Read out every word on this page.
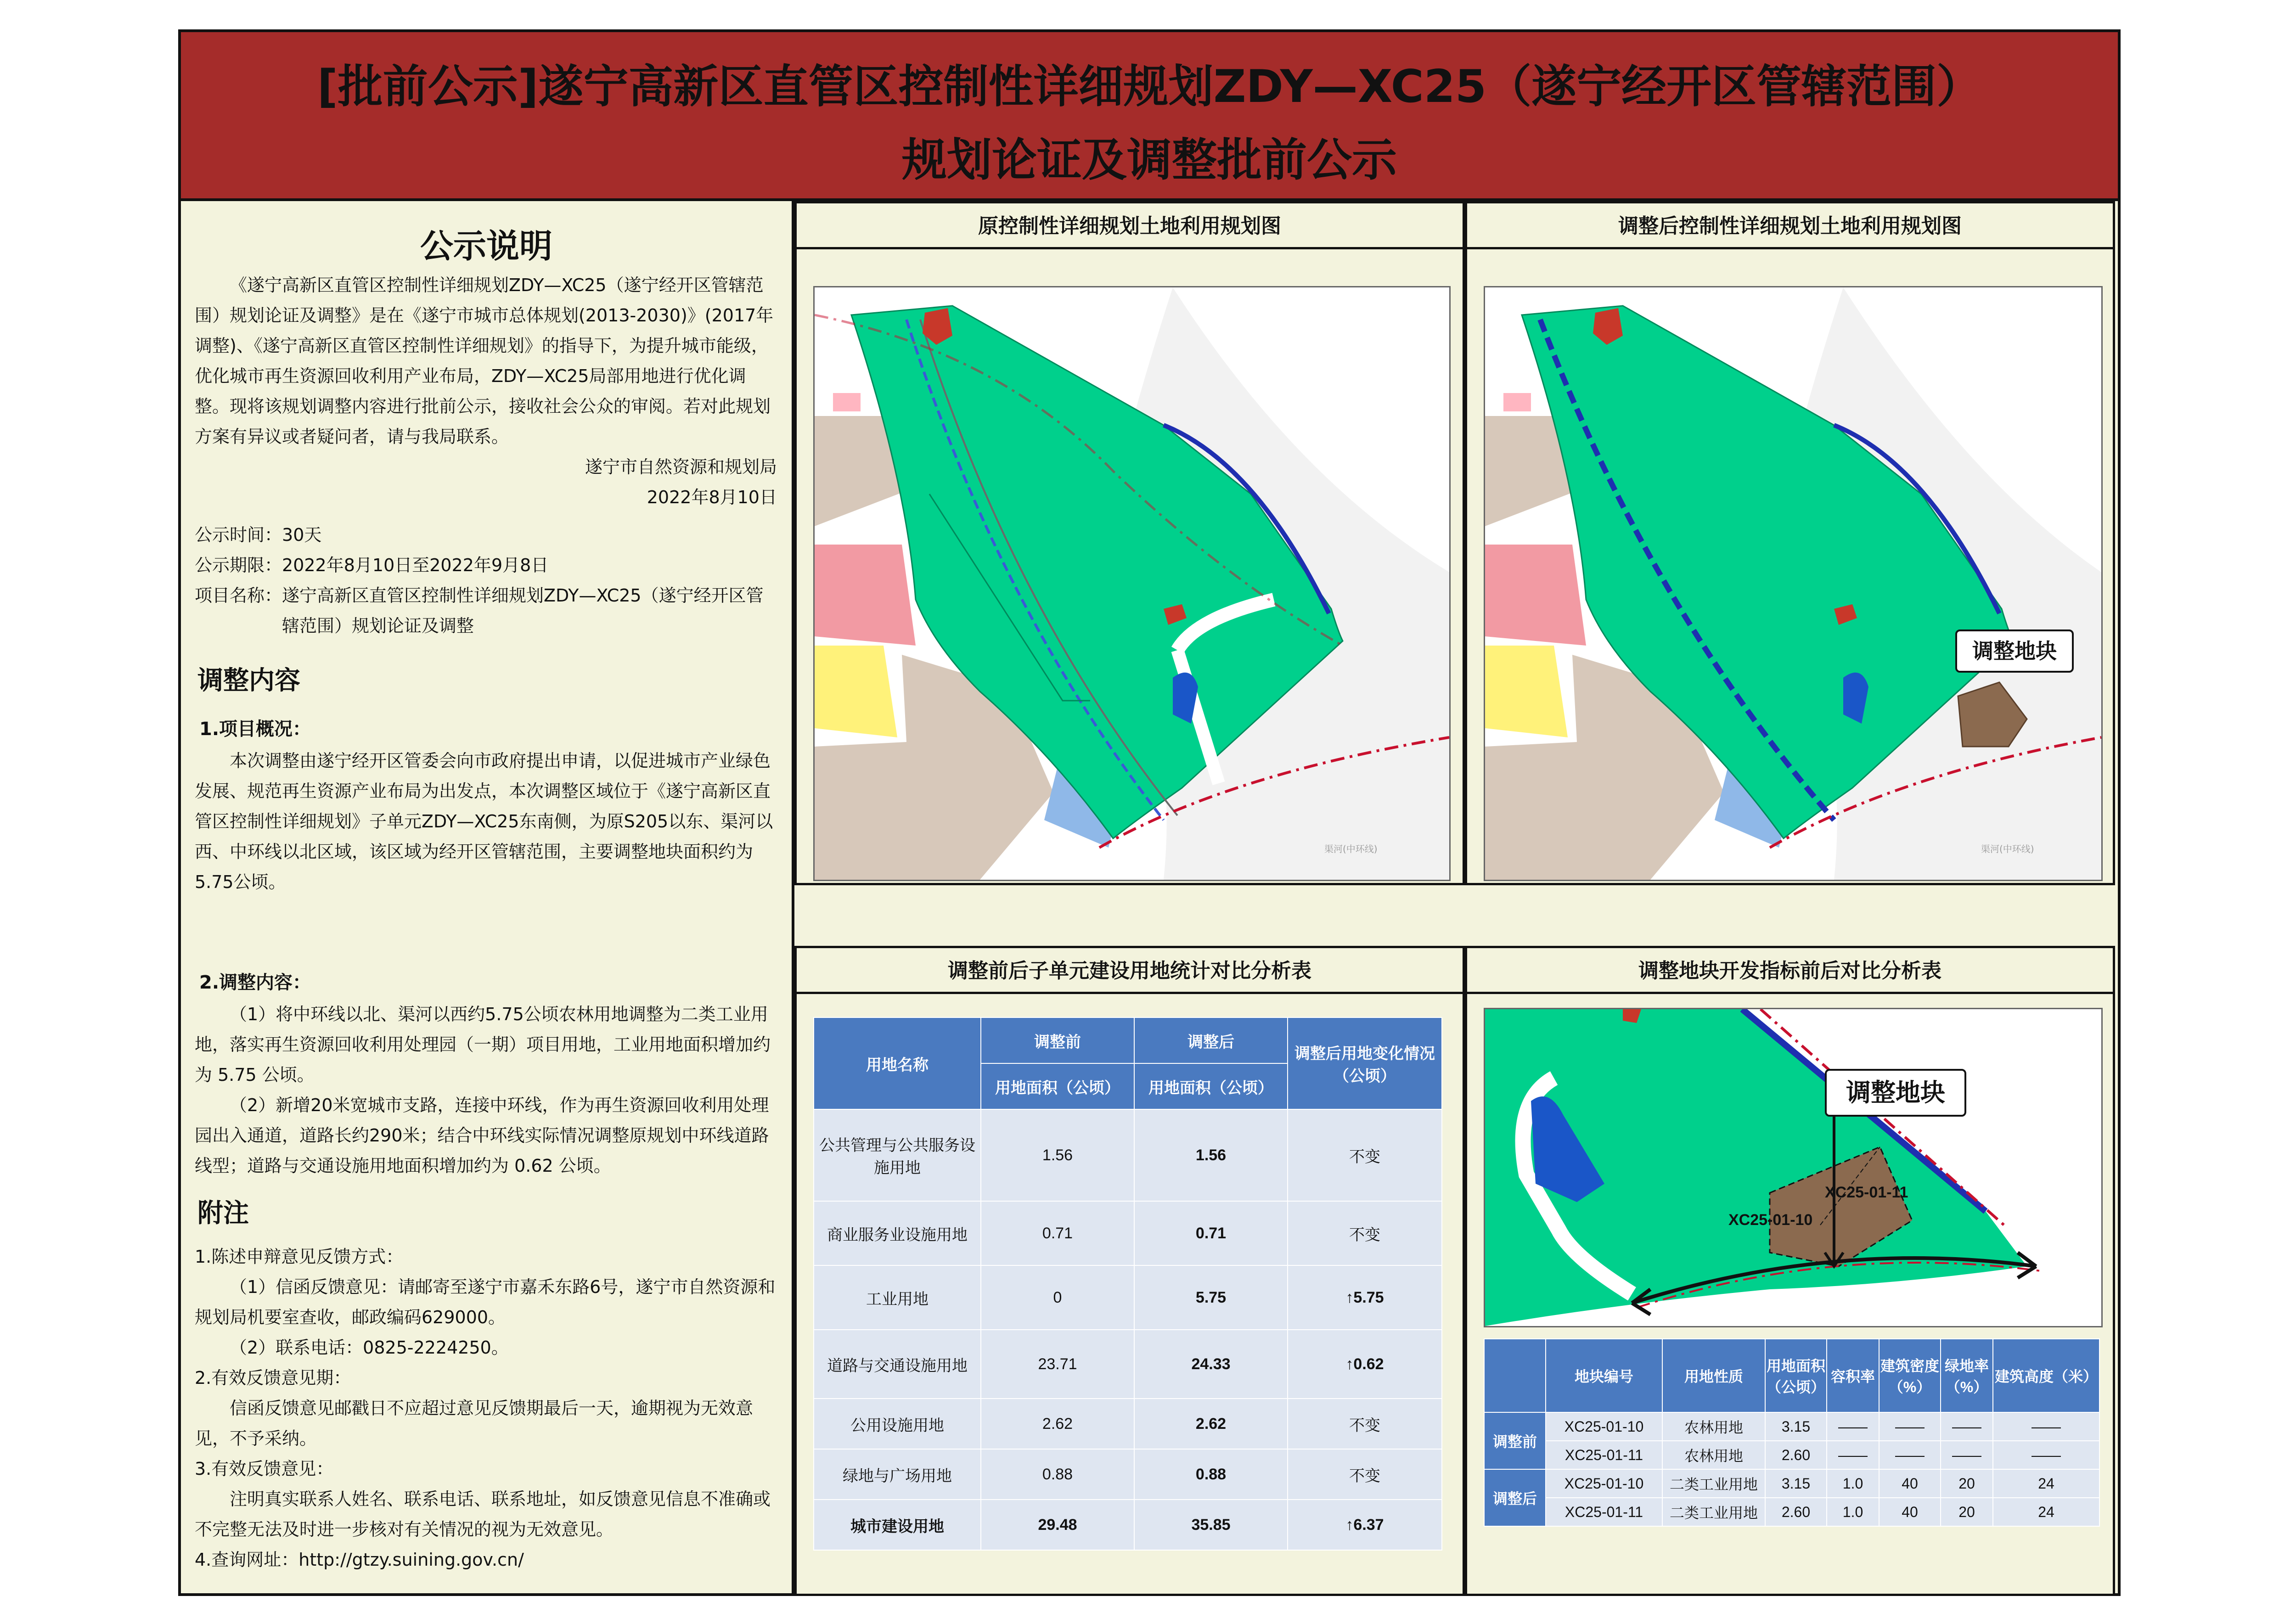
[批前公示]遂宁高新区直管区控制性详细规划ZDY—XC25（遂宁经开区管辖范围）
规划论证及调整批前公示
公示说明

《遂宁高新区直管区控制性详细规划ZDY—XC25（遂宁经开区管辖范围）规划论证及调整》是在《遂宁市城市总体规划(2013-2030)》(2017年调整)、《遂宁高新区直管区控制性详细规划》的指导下，为提升城市能级，优化城市再生资源回收利用产业布局，ZDY—XC25局部用地进行优化调整。现将该规划调整内容进行批前公示，接收社会公众的审阅。若对此规划方案有异议或者疑问者，请与我局联系。

遂宁市自然资源和规划局

2022年8月10日

公示时间： 30天
公示期限： 2022年8月10日至2022年9月8日
项目名称： 遂宁高新区直管区控制性详细规划ZDY—XC25（遂宁经开区管辖范围）规划论证及调整
调整内容
1.项目概况：

本次调整由遂宁经开区管委会向市政府提出申请，以促进城市产业绿色发展、规范再生资源产业布局为出发点，本次调整区域位于《遂宁高新区直管区控制性详细规划》子单元ZDY—XC25东南侧，为原S205以东、渠河以西、中环线以北区域，该区域为经开区管辖范围，主要调整地块面积约为5.75公顷。

2.调整内容：

（1）将中环线以北、渠河以西约5.75公顷农林用地调整为二类工业用地，落实再生资源回收利用处理园（一期）项目用地，工业用地面积增加约为 5.75 公顷。

（2）新增20米宽城市支路，连接中环线，作为再生资源回收利用处理园出入通道，道路长约290米；结合中环线实际情况调整原规划中环线道路线型；道路与交通设施用地面积增加约为 0.62 公顷。

附注

1.陈述申辩意见反馈方式：

（1）信函反馈意见：请邮寄至遂宁市嘉禾东路6号，遂宁市自然资源和规划局机要室查收，邮政编码629000。

（2）联系电话：0825-2224250。

2.有效反馈意见期：

信函反馈意见邮戳日不应超过意见反馈期最后一天，逾期视为无效意见，不予采纳。

3.有效反馈意见：

注明真实联系人姓名、联系电话、联系地址，如反馈意见信息不准确或不完整无法及时进一步核对有关情况的视为无效意见。

4.查询网址：http://gtzy.suining.gov.cn/

原控制性详细规划土地利用规划图
渠河(中环线)
调整后控制性详细规划土地利用规划图
渠河(中环线)
调整地块
调整前后子单元建设用地统计对比分析表
用地名称	调整前	调整后	调整后用地变化情况（公顷）
	用地面积（公顷）	用地面积（公顷）	
公共管理与公共服务设施用地	1.56	1.56	不变
商业服务业设施用地	0.71	0.71	不变
工业用地	0	5.75	↑5.75
道路与交通设施用地	23.71	24.33	↑0.62
公用设施用地	2.62	2.62	不变
绿地与广场用地	0.88	0.88	不变
城市建设用地	29.48	35.85	↑6.37
调整地块开发指标前后对比分析表
XC25-01-11
XC25-01-10
调整地块
	地块编号	用地性质	用地面积（公顷）	容积率	建筑密度（%）	绿地率（%）	建筑高度（米）
调整前	XC25-01-10	农林用地	3.15	——	——	——	——
	XC25-01-11	农林用地	2.60	——	——	——	——
调整后	XC25-01-10	二类工业用地	3.15	1.0	40	20	24
	XC25-01-11	二类工业用地	2.60	1.0	40	20	24
